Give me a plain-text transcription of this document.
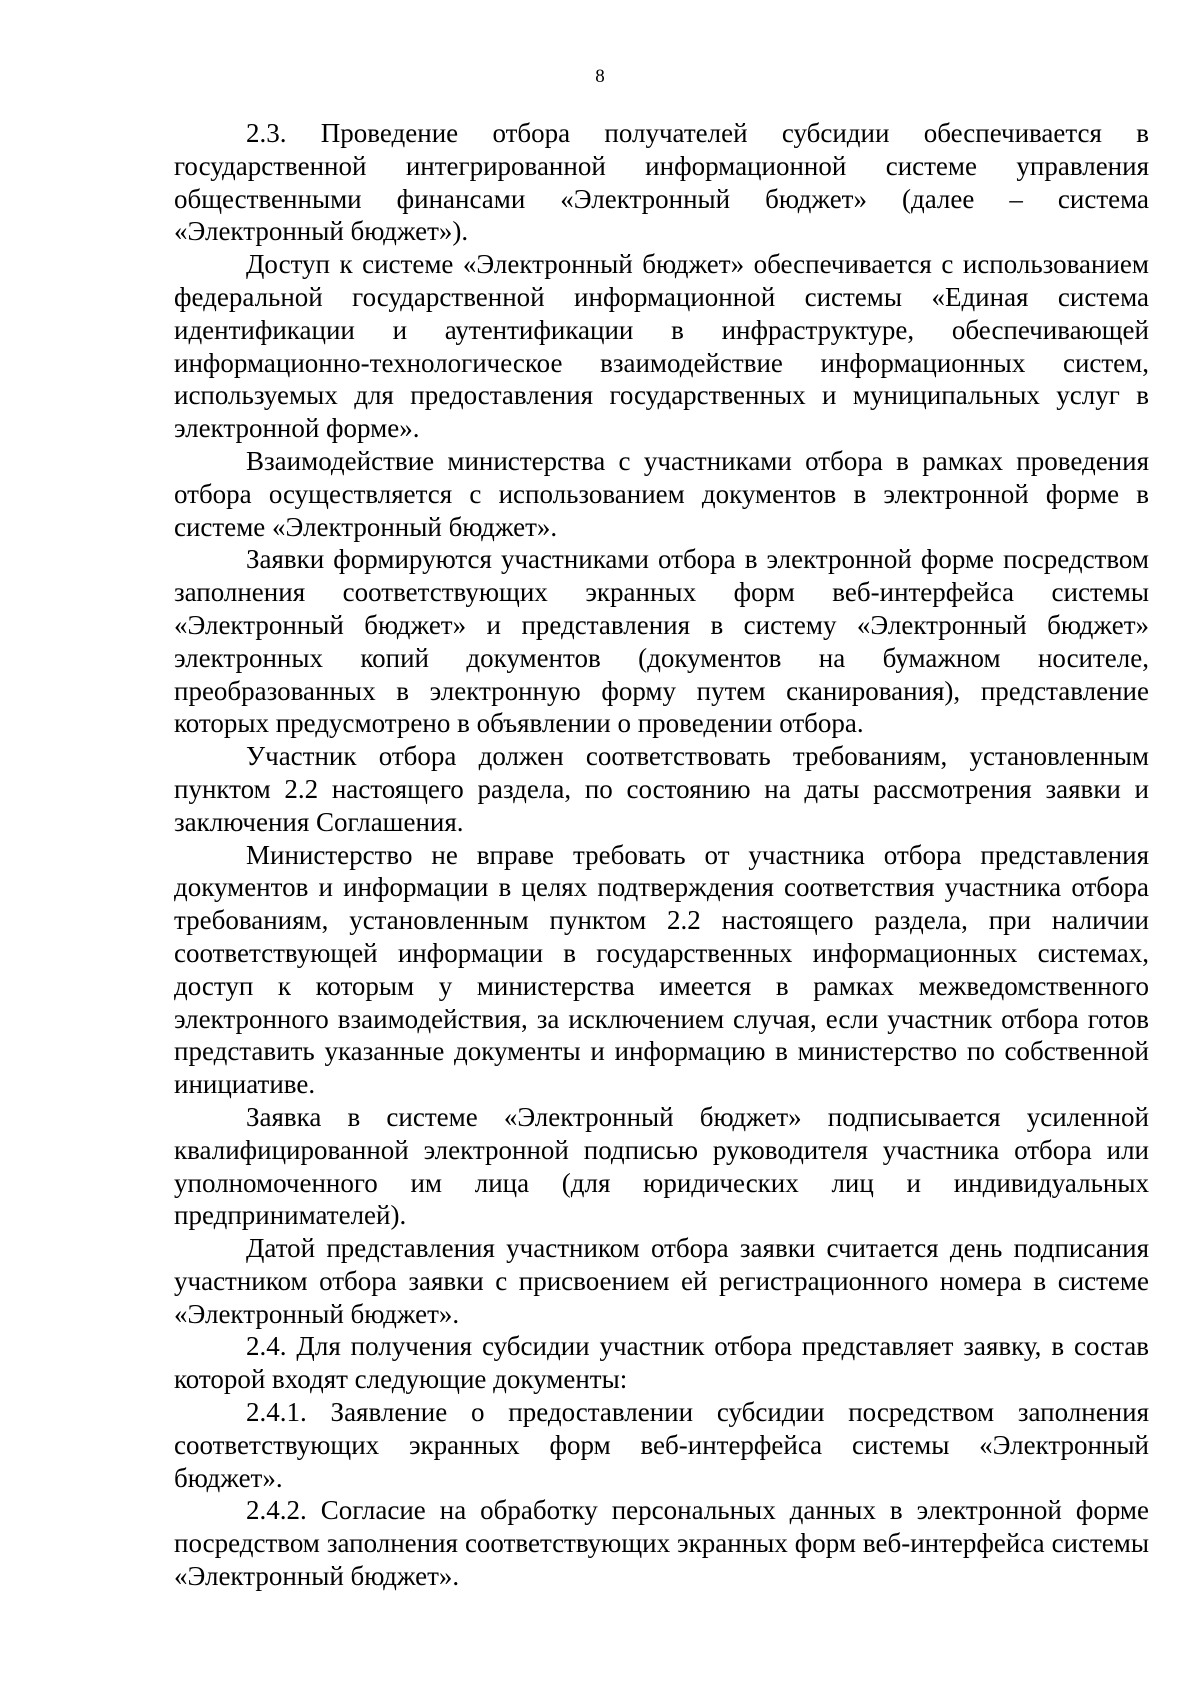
8

2.3. Проведение отбора получателей субсидии обеспечивается в государственной интегрированной информационной системе управления общественными финансами «Электронный бюджет» (далее – система «Электронный бюджет»).

Доступ к системе «Электронный бюджет» обеспечивается с использованием федеральной государственной информационной системы «Единая система идентификации и аутентификации в инфраструктуре, обеспечивающей информационно-технологическое взаимодействие информационных систем, используемых для предоставления государственных и муниципальных услуг в электронной форме».

Взаимодействие министерства с участниками отбора в рамках проведения отбора осуществляется с использованием документов в электронной форме в системе «Электронный бюджет».

Заявки формируются участниками отбора в электронной форме посредством заполнения соответствующих экранных форм веб-интерфейса системы «Электронный бюджет» и представления в систему «Электронный бюджет» электронных копий документов (документов на бумажном носителе, преобразованных в электронную форму путем сканирования), представление которых предусмотрено в объявлении о проведении отбора.

Участник отбора должен соответствовать требованиям, установленным пунктом 2.2 настоящего раздела, по состоянию на даты рассмотрения заявки и заключения Соглашения.

Министерство не вправе требовать от участника отбора представления документов и информации в целях подтверждения соответствия участника отбора требованиям, установленным пунктом 2.2 настоящего раздела, при наличии соответствующей информации в государственных информационных системах, доступ к которым у министерства имеется в рамках межведомственного электронного взаимодействия, за исключением случая, если участник отбора готов представить указанные документы и информацию в министерство по собственной инициативе.

Заявка в системе «Электронный бюджет» подписывается усиленной квалифицированной электронной подписью руководителя участника отбора или уполномоченного им лица (для юридических лиц и индивидуальных предпринимателей).

Датой представления участником отбора заявки считается день подписания участником отбора заявки с присвоением ей регистрационного номера в системе «Электронный бюджет».

2.4. Для получения субсидии участник отбора представляет заявку, в состав которой входят следующие документы:

2.4.1. Заявление о предоставлении субсидии посредством заполнения соответствующих экранных форм веб-интерфейса системы «Электронный бюджет».

2.4.2. Согласие на обработку персональных данных в электронной форме посредством заполнения соответствующих экранных форм веб-интерфейса системы «Электронный бюджет».
